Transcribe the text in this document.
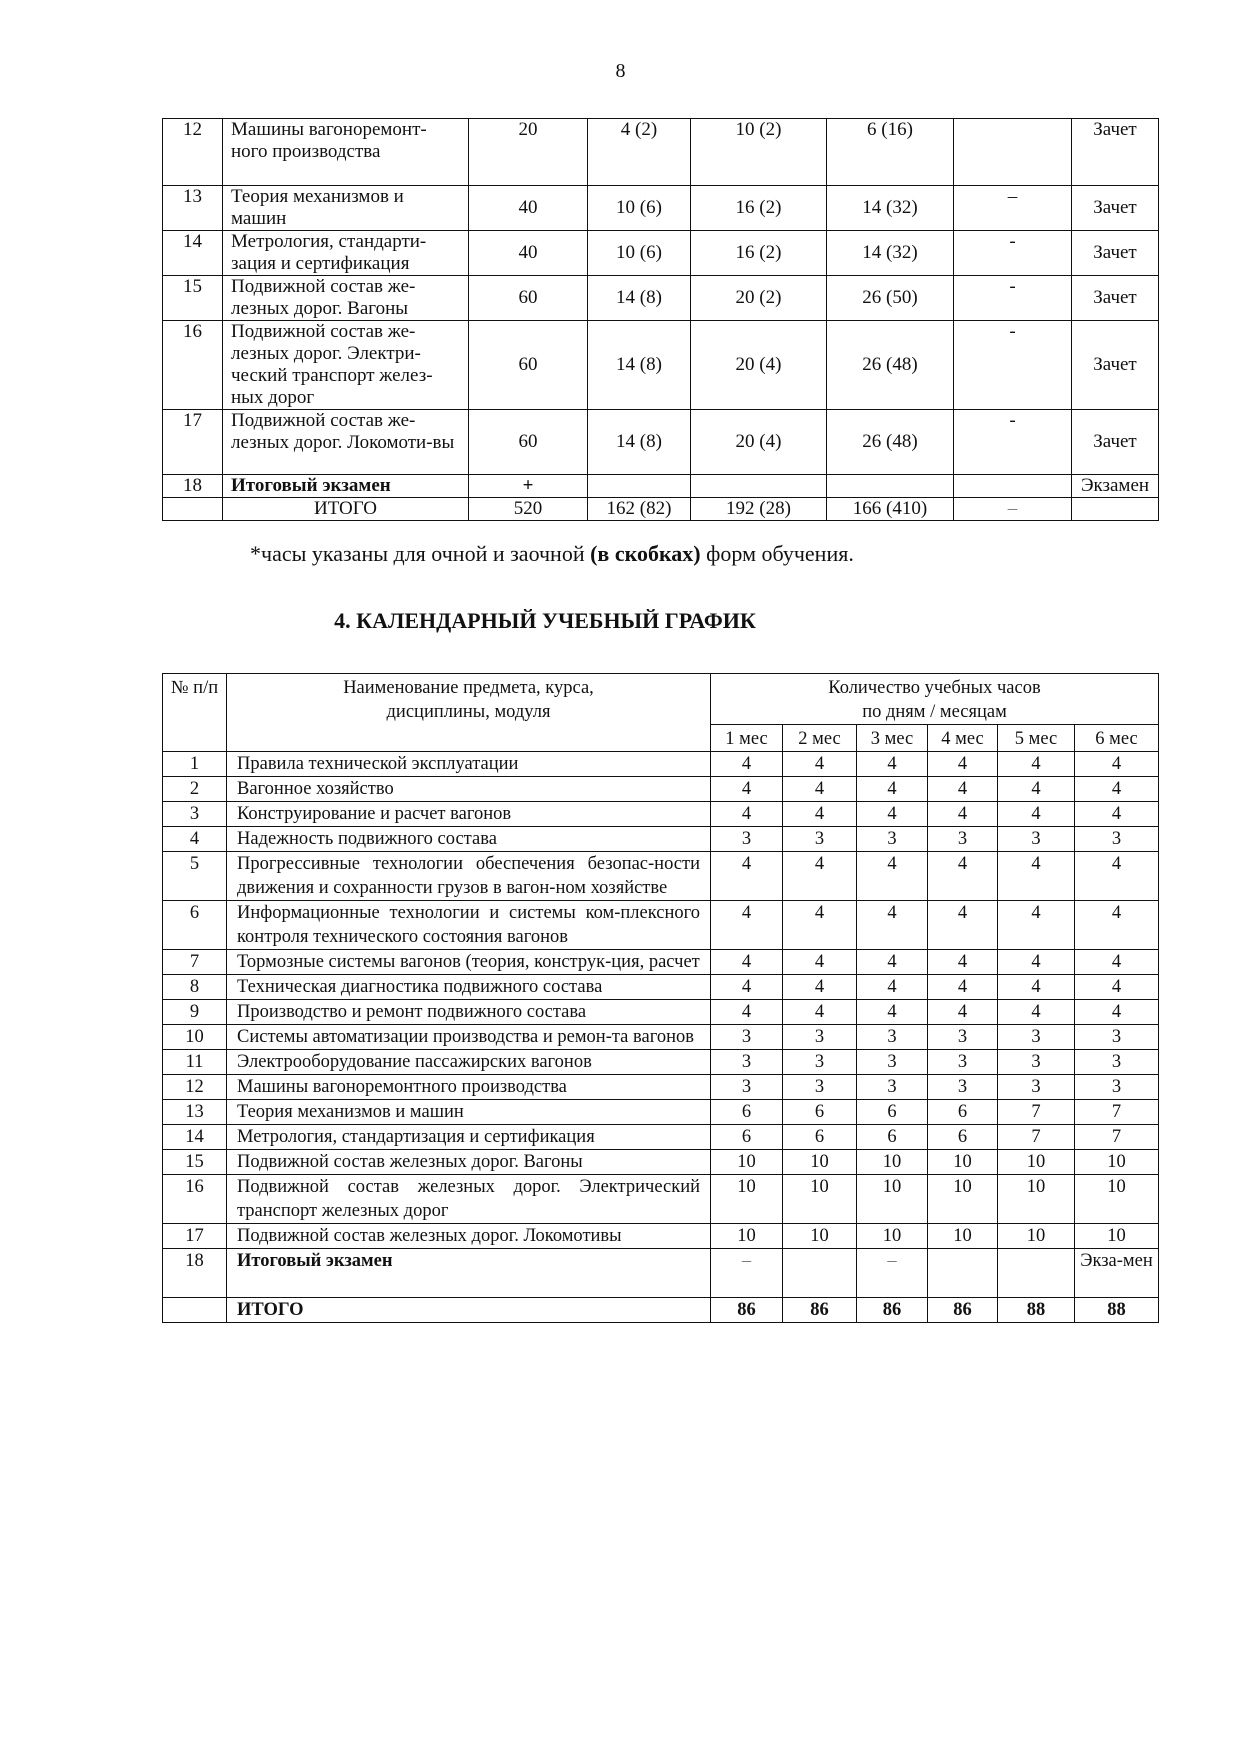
8
12	Машины вагоноремонт-ного производства	20	4 (2)	10 (2)	6 (16)		Зачет
13	Теория механизмов и машин	40	10 (6)	16 (2)	14 (32)	–	Зачет
14	Метрология, стандарти-зация и сертификация	40	10 (6)	16 (2)	14 (32)	-	Зачет
15	Подвижной состав же-лезных дорог. Вагоны	60	14 (8)	20 (2)	26 (50)	-	Зачет
16	Подвижной состав же-лезных дорог. Электри-ческий транспорт желез-ных дорог	60	14 (8)	20 (4)	26 (48)	-	Зачет
17	Подвижной состав же-лезных дорог. Локомоти-вы	60	14 (8)	20 (4)	26 (48)	-	Зачет
18	Итоговый экзамен	+					Экзамен
	ИТОГО	520	162 (82)	192 (28)	166 (410)	–	
*часы указаны для очной и заочной (в скобках) форм обучения.
4. КАЛЕНДАРНЫЙ УЧЕБНЫЙ ГРАФИК
№ п/п	Наименование предмета, курса, дисциплины, модуля	Количество учебных часов по дням / месяцам					
		1 мес	2 мес	3 мес	4 мес	5 мес	6 мес
1	Правила технической эксплуатации	4	4	4	4	4	4
2	Вагонное хозяйство	4	4	4	4	4	4
3	Конструирование и расчет вагонов	4	4	4	4	4	4
4	Надежность подвижного состава	3	3	3	3	3	3
5	Прогрессивные технологии обеспечения безопас-ности движения и сохранности грузов в вагон-ном хозяйстве	4	4	4	4	4	4
6	Информационные технологии и системы ком-плексного контроля технического состояния вагонов	4	4	4	4	4	4
7	Тормозные системы вагонов (теория, конструк-ция, расчет	4	4	4	4	4	4
8	Техническая диагностика подвижного состава	4	4	4	4	4	4
9	Производство и ремонт подвижного состава	4	4	4	4	4	4
10	Системы автоматизации производства и ремон-та вагонов	3	3	3	3	3	3
11	Электрооборудование пассажирских вагонов	3	3	3	3	3	3
12	Машины вагоноремонтного производства	3	3	3	3	3	3
13	Теория механизмов и машин	6	6	6	6	7	7
14	Метрология, стандартизация и сертификация	6	6	6	6	7	7
15	Подвижной состав железных дорог. Вагоны	10	10	10	10	10	10
16	Подвижной состав железных дорог. Электрический транспорт железных дорог	10	10	10	10	10	10
17	Подвижной состав железных дорог. Локомотивы	10	10	10	10	10	10
18	Итоговый экзамен	–		–			Экза-мен
	ИТОГО	86	86	86	86	88	88
